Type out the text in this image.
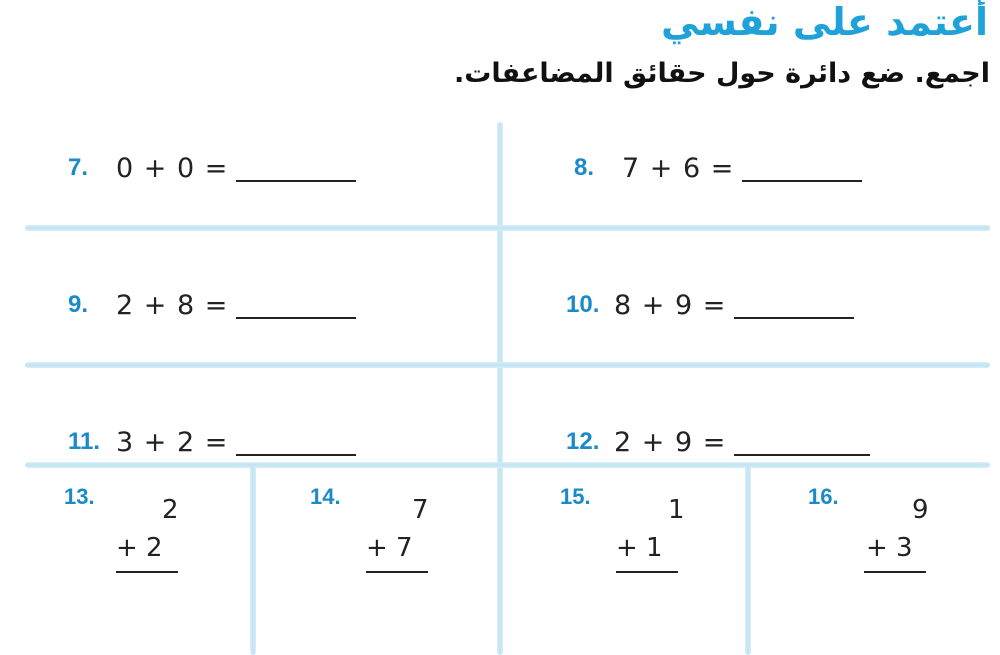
أعتمد على نفسي
اجمع. ضع دائرة حول حقائق المضاعفات.
7.	0 + 0 =	8.	7 + 6 =
9.	2 + 8 =	10. 8 + 9 =
11. 3 + 2 =	12. 2 + 9 =
13.	2
+ 2
14.	7
+ 7
15.	1
+ 1
16.	9
+ 3
